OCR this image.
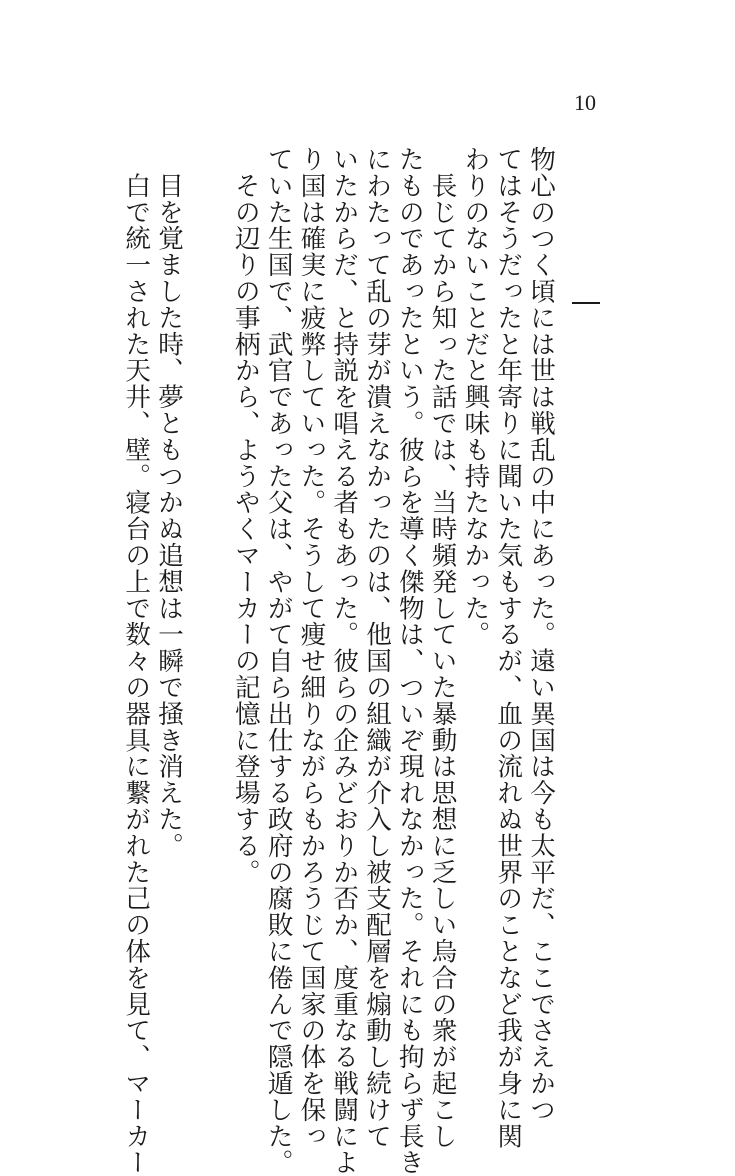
10
物心のつく頃には世は戦乱の中にあった。遠い異国は今も太平だ、ここでさえかつ
てはそうだったと年寄りに聞いた気もするが、血の流れぬ世界のことなど我が身に関
わりのないことだと興味も持たなかった。
　長じてから知った話では、当時頻発していた暴動は思想に乏しい烏合の衆が起こし
たものであったという。彼らを導く傑物は、ついぞ現れなかった。それにも拘らず長き
にわたって乱の芽が潰えなかったのは、他国の組織が介入し被支配層を煽動し続けて
いたからだ、と持説を唱える者もあった。彼らの企みどおりか否か、度重なる戦闘によ
り国は確実に疲弊していった。そうして痩せ細りながらもかろうじて国家の体を保っ
ていた生国で、武官であった父は、やがて自ら出仕する政府の腐敗に倦んで隠遁した。
　その辺りの事柄から、ようやくマーカーの記憶に登場する。
　目を覚ました時、夢ともつかぬ追想は一瞬で掻き消えた。
　白で統一された天井、壁。寝台の上で数々の器具に繋がれた己の体を見て、マーカー
